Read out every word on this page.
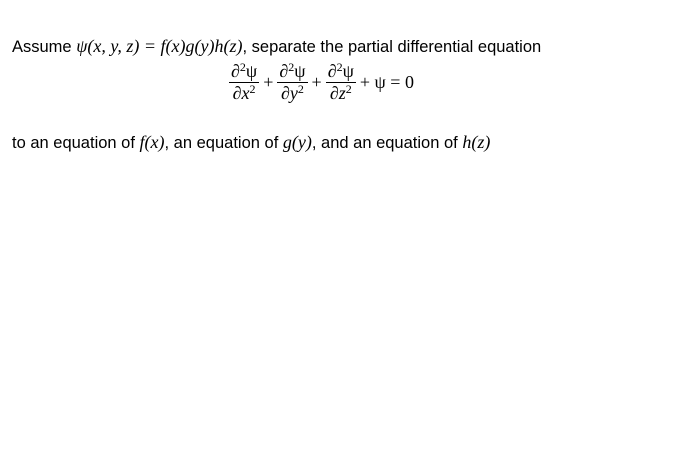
Assume ψ(x, y, z) = f(x)g(y)h(z), separate the partial differential equation
$\frac{\partial^2\psi}{\partial x^2} + \frac{\partial^2\psi}{\partial y^2} + \frac{\partial^2\psi}{\partial z^2} + \psi = 0$
to an equation of f(x), an equation of g(y), and an equation of h(z)
